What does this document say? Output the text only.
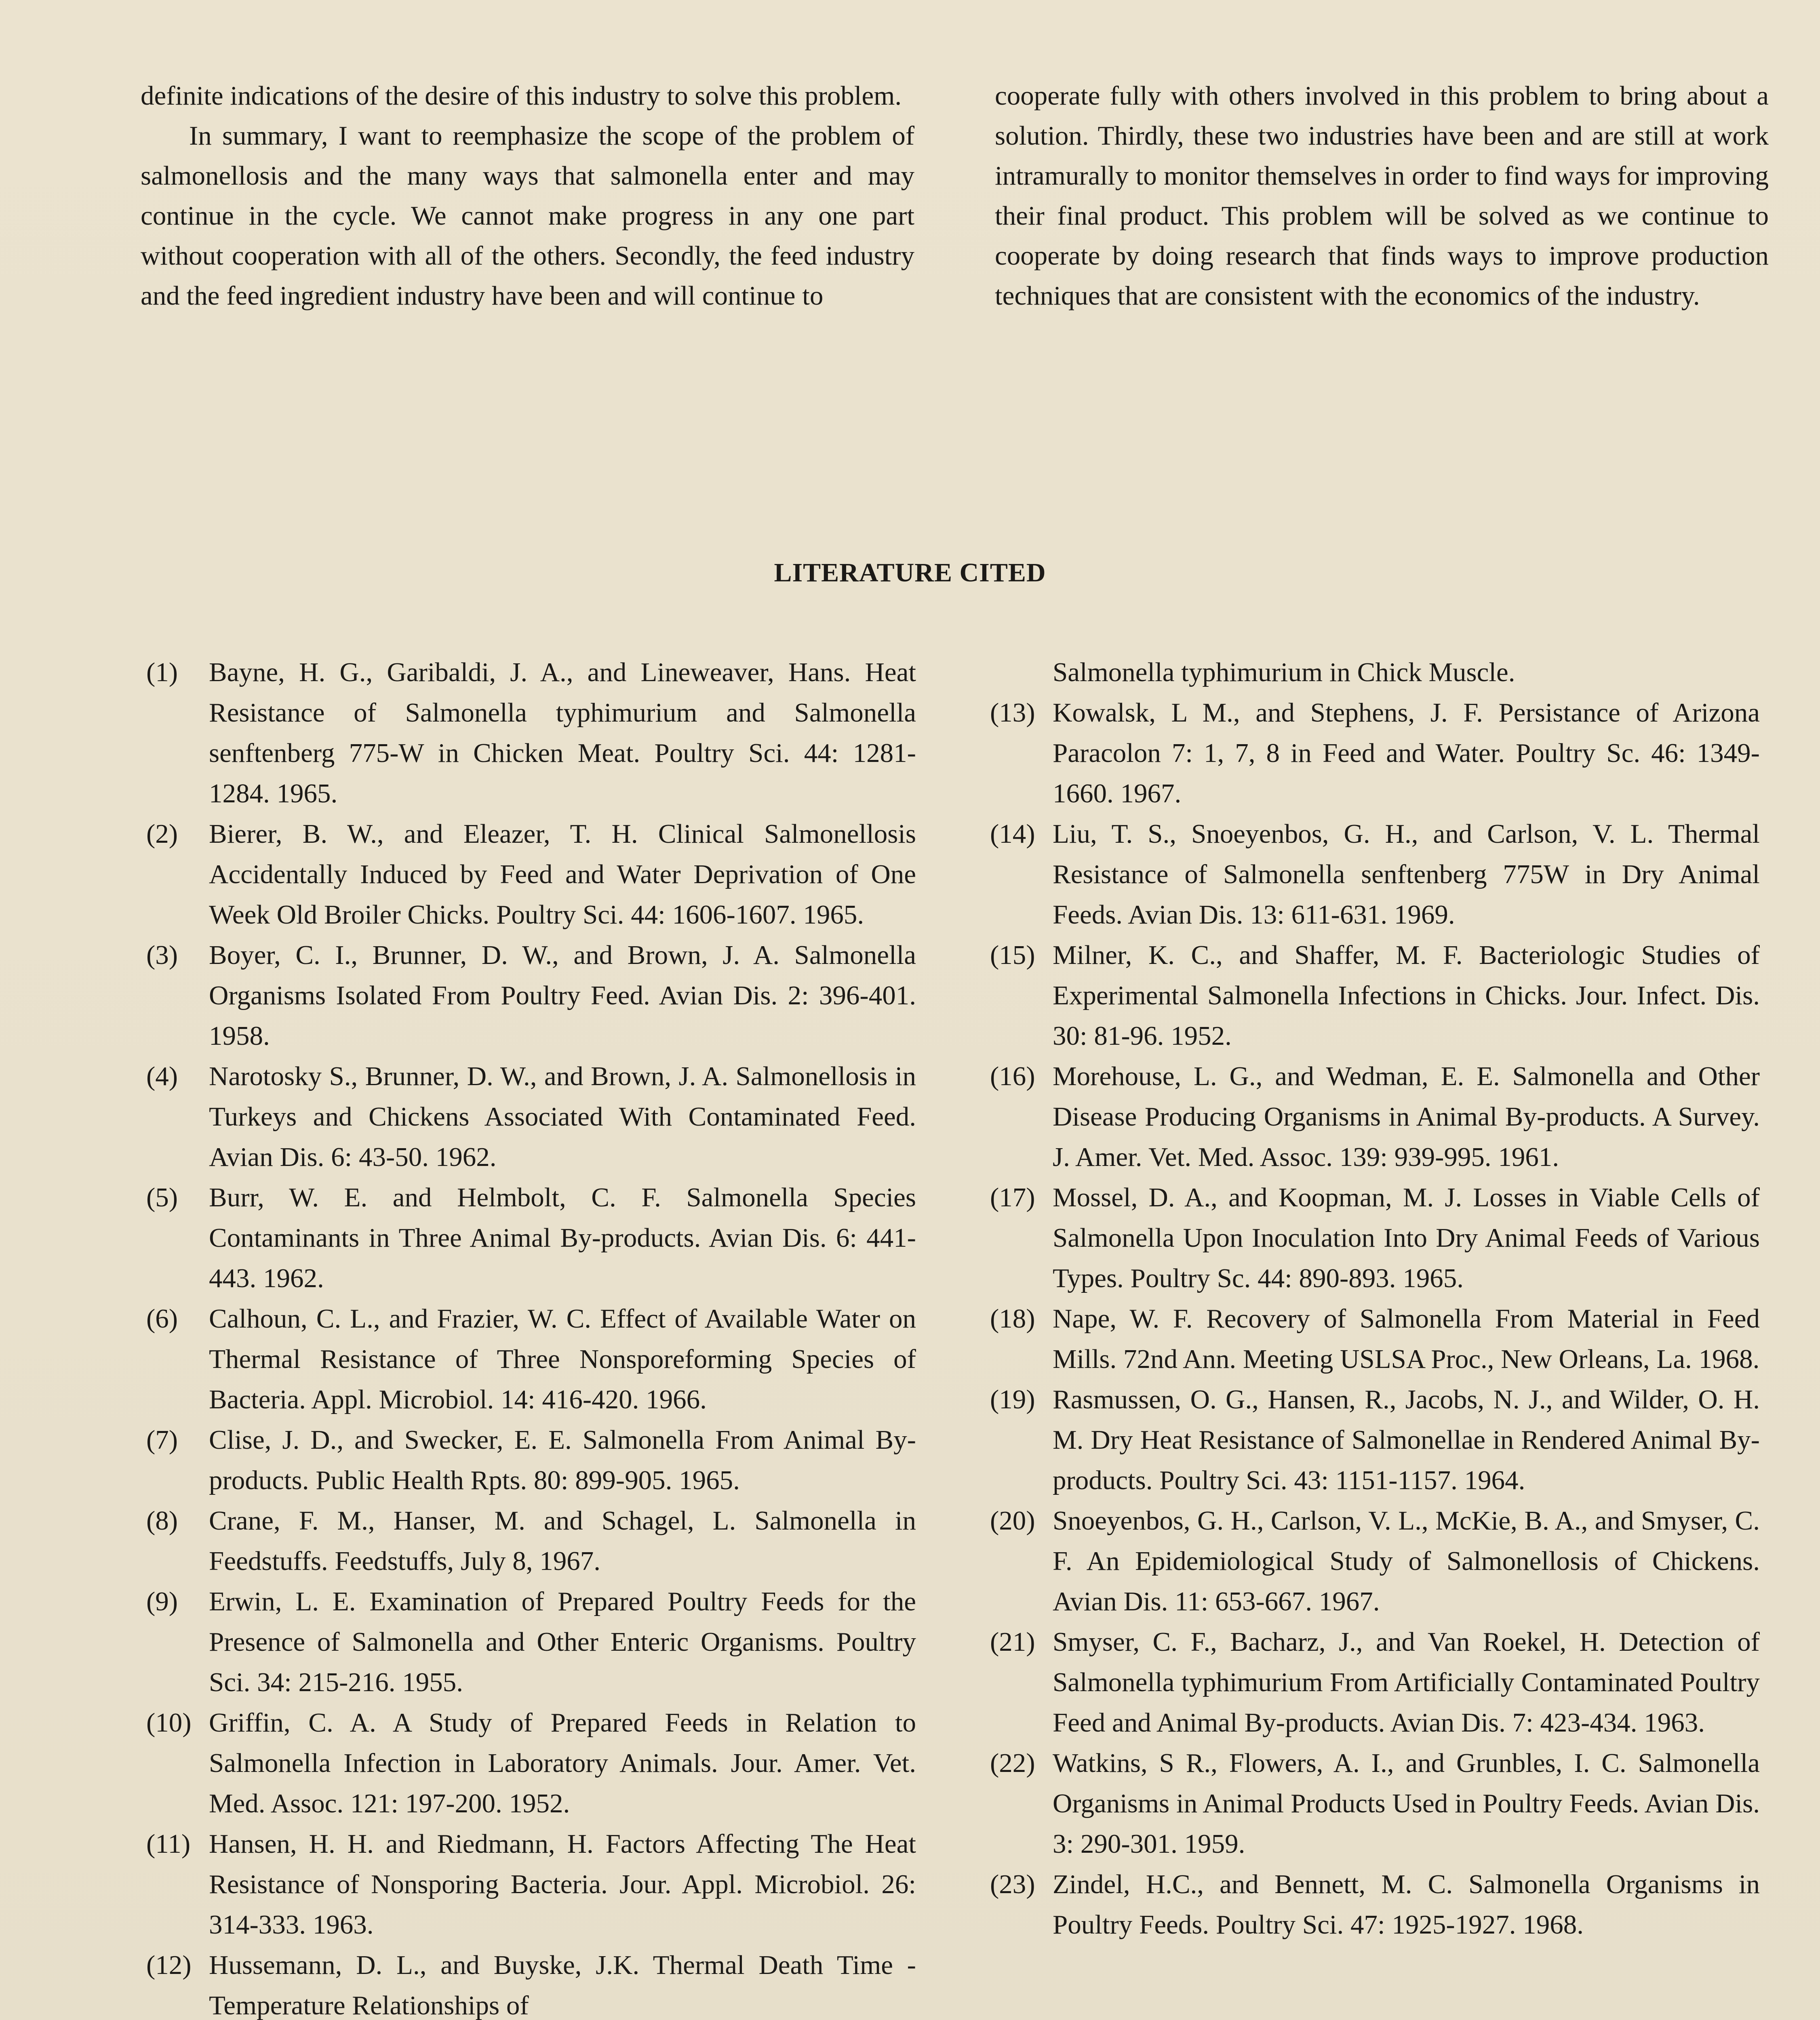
definite indications of the desire of this industry to solve this problem.

In summary, I want to reemphasize the scope of the problem of salmonellosis and the many ways that salmonella enter and may continue in the cycle. We cannot make progress in any one part without cooperation with all of the others. Secondly, the feed industry and the feed ingredient industry have been and will continue to

cooperate fully with others involved in this problem to bring about a solution. Thirdly, these two industries have been and are still at work intramurally to monitor themselves in order to find ways for improving their final product. This problem will be solved as we continue to cooperate by doing research that finds ways to improve production techniques that are consistent with the economics of the industry.

LITERATURE CITED
(1) Bayne, H. G., Garibaldi, J. A., and Lineweaver, Hans. Heat Resistance of Salmonella typhimurium and Salmonella senftenberg 775-W in Chicken Meat. Poultry Sci. 44: 1281-1284. 1965.
(2) Bierer, B. W., and Eleazer, T. H. Clinical Salmonellosis Accidentally Induced by Feed and Water Deprivation of One Week Old Broiler Chicks. Poultry Sci. 44: 1606-1607. 1965.
(3) Boyer, C. I., Brunner, D. W., and Brown, J. A. Salmonella Organisms Isolated From Poultry Feed. Avian Dis. 2: 396-401. 1958.
(4) Narotosky S., Brunner, D. W., and Brown, J. A. Salmonellosis in Turkeys and Chickens Associated With Contaminated Feed. Avian Dis. 6: 43-50. 1962.
(5) Burr, W. E. and Helmbolt, C. F. Salmonella Species Contaminants in Three Animal By-products. Avian Dis. 6: 441-443. 1962.
(6) Calhoun, C. L., and Frazier, W. C. Effect of Available Water on Thermal Resistance of Three Nonsporeforming Species of Bacteria. Appl. Microbiol. 14: 416-420. 1966.
(7) Clise, J. D., and Swecker, E. E. Salmonella From Animal By-products. Public Health Rpts. 80: 899-905. 1965.
(8) Crane, F. M., Hanser, M. and Schagel, L. Salmonella in Feedstuffs. Feedstuffs, July 8, 1967.
(9) Erwin, L. E. Examination of Prepared Poultry Feeds for the Presence of Salmonella and Other Enteric Organisms. Poultry Sci. 34: 215-216. 1955.
(10) Griffin, C. A. A Study of Prepared Feeds in Relation to Salmonella Infection in Laboratory Animals. Jour. Amer. Vet. Med. Assoc. 121: 197-200. 1952.
(11) Hansen, H. H. and Riedmann, H. Factors Affecting The Heat Resistance of Nonsporing Bacteria. Jour. Appl. Microbiol. 26: 314-333. 1963.
(12) Hussemann, D. L., and Buyske, J.K. Thermal Death Time - Temperature Relationships of
Salmonella typhimurium in Chick Muscle.
(13) Kowalsk, L M., and Stephens, J. F. Persistance of Arizona Paracolon 7: 1, 7, 8 in Feed and Water. Poultry Sc. 46: 1349-1660. 1967.
(14) Liu, T. S., Snoeyenbos, G. H., and Carlson, V. L. Thermal Resistance of Salmonella senftenberg 775W in Dry Animal Feeds. Avian Dis. 13: 611-631. 1969.
(15) Milner, K. C., and Shaffer, M. F. Bacteriologic Studies of Experimental Salmonella Infections in Chicks. Jour. Infect. Dis. 30: 81-96. 1952.
(16) Morehouse, L. G., and Wedman, E. E. Salmonella and Other Disease Producing Organisms in Animal By-products. A Survey. J. Amer. Vet. Med. Assoc. 139: 939-995. 1961.
(17) Mossel, D. A., and Koopman, M. J. Losses in Viable Cells of Salmonella Upon Inoculation Into Dry Animal Feeds of Various Types. Poultry Sc. 44: 890-893. 1965.
(18) Nape, W. F. Recovery of Salmonella From Material in Feed Mills. 72nd Ann. Meeting USLSA Proc., New Orleans, La. 1968.
(19) Rasmussen, O. G., Hansen, R., Jacobs, N. J., and Wilder, O. H. M. Dry Heat Resistance of Salmonellae in Rendered Animal By-products. Poultry Sci. 43: 1151-1157. 1964.
(20) Snoeyenbos, G. H., Carlson, V. L., McKie, B. A., and Smyser, C. F. An Epidemiological Study of Salmonellosis of Chickens. Avian Dis. 11: 653-667. 1967.
(21) Smyser, C. F., Bacharz, J., and Van Roekel, H. Detection of Salmonella typhimurium From Artificially Contaminated Poultry Feed and Animal By-products. Avian Dis. 7: 423-434. 1963.
(22) Watkins, S R., Flowers, A. I., and Grunbles, I. C. Salmonella Organisms in Animal Products Used in Poultry Feeds. Avian Dis. 3: 290-301. 1959.
(23) Zindel, H.C., and Bennett, M. C. Salmonella Organisms in Poultry Feeds. Poultry Sci. 47: 1925-1927. 1968.
